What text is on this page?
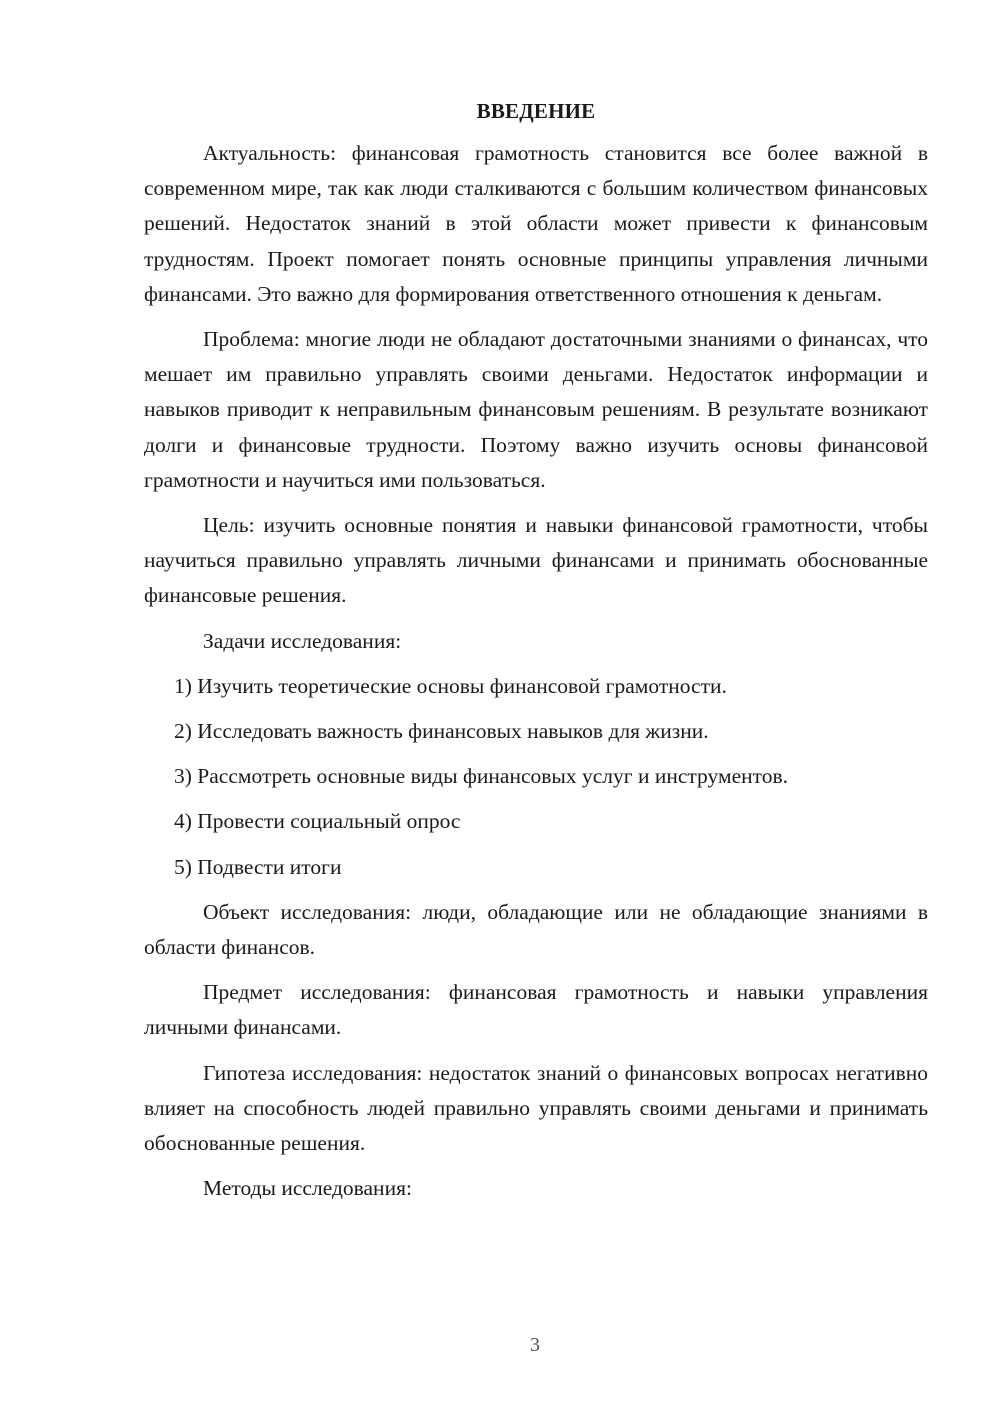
ВВЕДЕНИЕ

Актуальность: финансовая грамотность становится все более важной в современном мире, так как люди сталкиваются с большим количеством финансовых решений. Недостаток знаний в этой области может привести к финансовым трудностям. Проект помогает понять основные принципы управления личными финансами. Это важно для формирования ответственного отношения к деньгам.

Проблема: многие люди не обладают достаточными знаниями о финансах, что мешает им правильно управлять своими деньгами. Недостаток информации и навыков приводит к неправильным финансовым решениям. В результате возникают долги и финансовые трудности. Поэтому важно изучить основы финансовой грамотности и научиться ими пользоваться.

Цель: изучить основные понятия и навыки финансовой грамотности, чтобы научиться правильно управлять личными финансами и принимать обоснованные финансовые решения.

Задачи исследования:

1) Изучить теоретические основы финансовой грамотности.
2) Исследовать важность финансовых навыков для жизни.
3) Рассмотреть основные виды финансовых услуг и инструментов.
4) Провести социальный опрос
5) Подвести итоги

Объект исследования: люди, обладающие или не обладающие знаниями в области финансов.

Предмет исследования: финансовая грамотность и навыки управления личными финансами.

Гипотеза исследования: недостаток знаний о финансовых вопросах негативно влияет на способность людей правильно управлять своими деньгами и принимать обоснованные решения.

Методы исследования:

3
